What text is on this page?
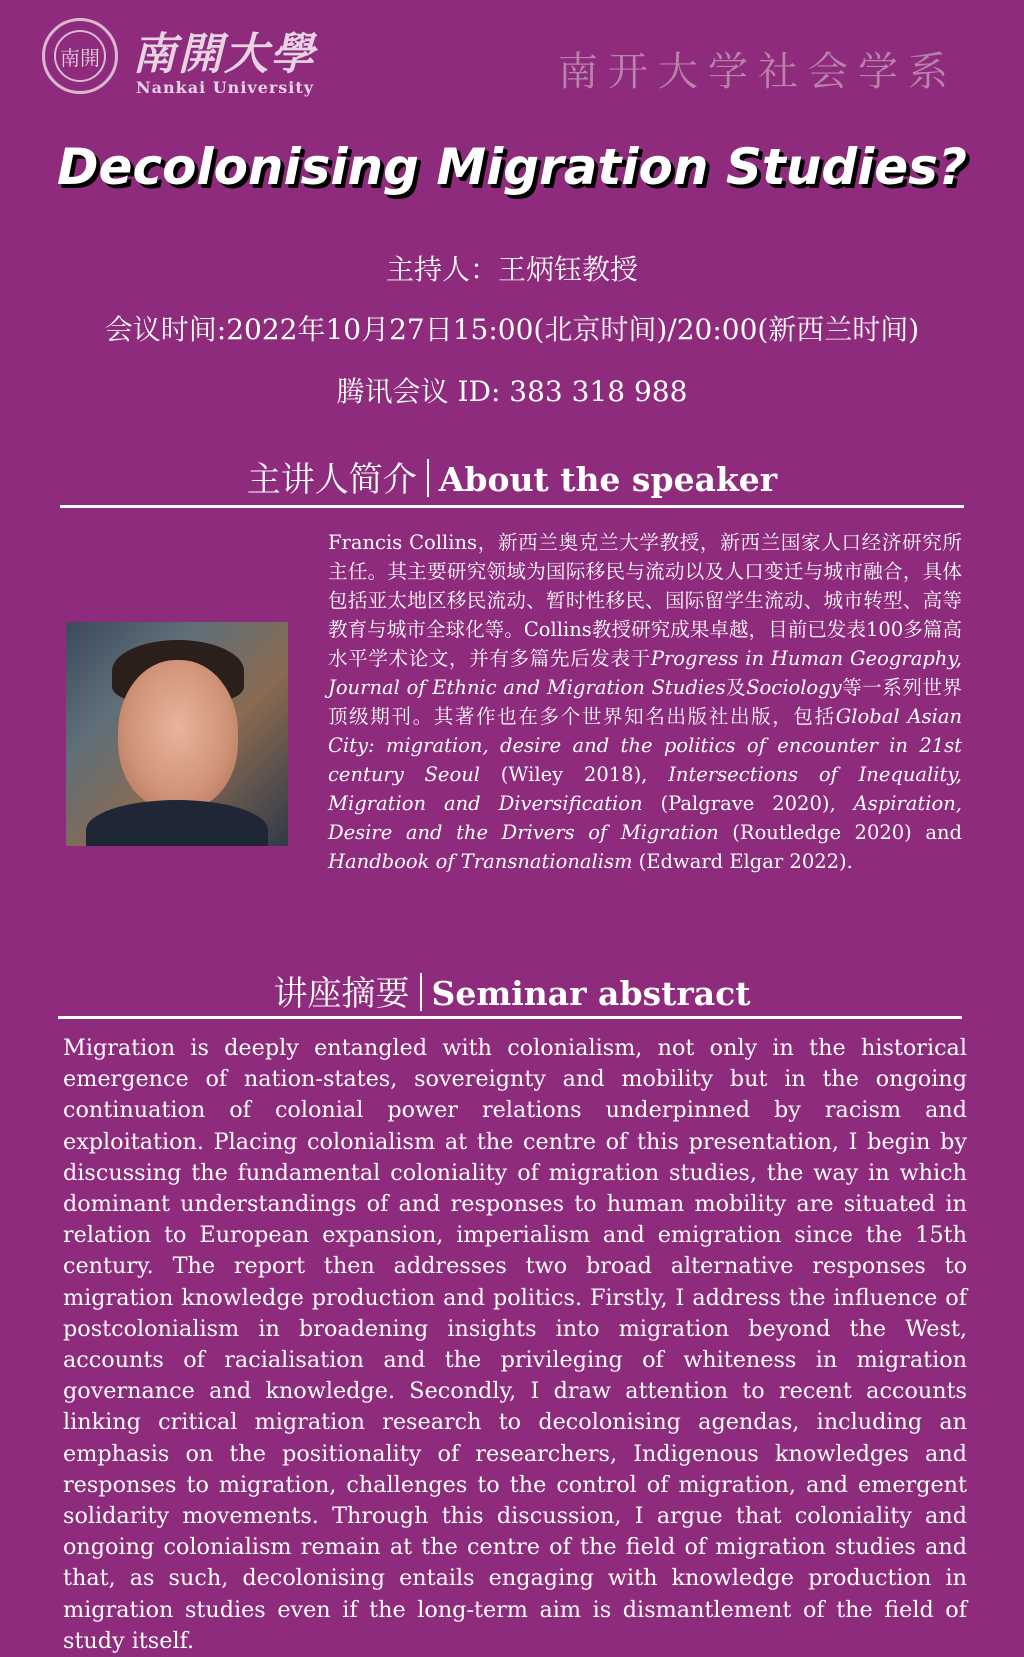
南開 南開大學
Nankai University	南开大学社会学系
Decolonising Migration Studies?
主持人：王炳钰教授
会议时间:2022年10月27日15:00(北京时间)/20:00(新西兰时间)
腾讯会议 ID: 383 318 988
主讲人简介 About the speaker
Francis Collins，新西兰奥克兰大学教授，新西兰国家人口经济研究所主任。其主要研究领域为国际移民与流动以及人口变迁与城市融合，具体包括亚太地区移民流动、暂时性移民、国际留学生流动、城市转型、高等教育与城市全球化等。Collins教授研究成果卓越，目前已发表100多篇高水平学术论文，并有多篇先后发表于Progress in Human Geography, Journal of Ethnic and Migration Studies及Sociology等一系列世界顶级期刊。其著作也在多个世界知名出版社出版，包括Global Asian City: migration, desire and the politics of encounter in 21st century Seoul (Wiley 2018), Intersections of Inequality, Migration and Diversification (Palgrave 2020), Aspiration, Desire and the Drivers of Migration (Routledge 2020) and Handbook of Transnationalism (Edward Elgar 2022).
讲座摘要 Seminar abstract
Migration is deeply entangled with colonialism, not only in the historical emergence of nation-states, sovereignty and mobility but in the ongoing continuation of colonial power relations underpinned by racism and exploitation. Placing colonialism at the centre of this presentation, I begin by discussing the fundamental coloniality of migration studies, the way in which dominant understandings of and responses to human mobility are situated in relation to European expansion, imperialism and emigration since the 15th century. The report then addresses two broad alternative responses to migration knowledge production and politics. Firstly, I address the influence of postcolonialism in broadening insights into migration beyond the West, accounts of racialisation and the privileging of whiteness in migration governance and knowledge. Secondly, I draw attention to recent accounts linking critical migration research to decolonising agendas, including an emphasis on the positionality of researchers, Indigenous knowledges and responses to migration, challenges to the control of migration, and emergent solidarity movements. Through this discussion, I argue that coloniality and ongoing colonialism remain at the centre of the field of migration studies and that, as such, decolonising entails engaging with knowledge production in migration studies even if the long-term aim is dismantlement of the field of study itself.
